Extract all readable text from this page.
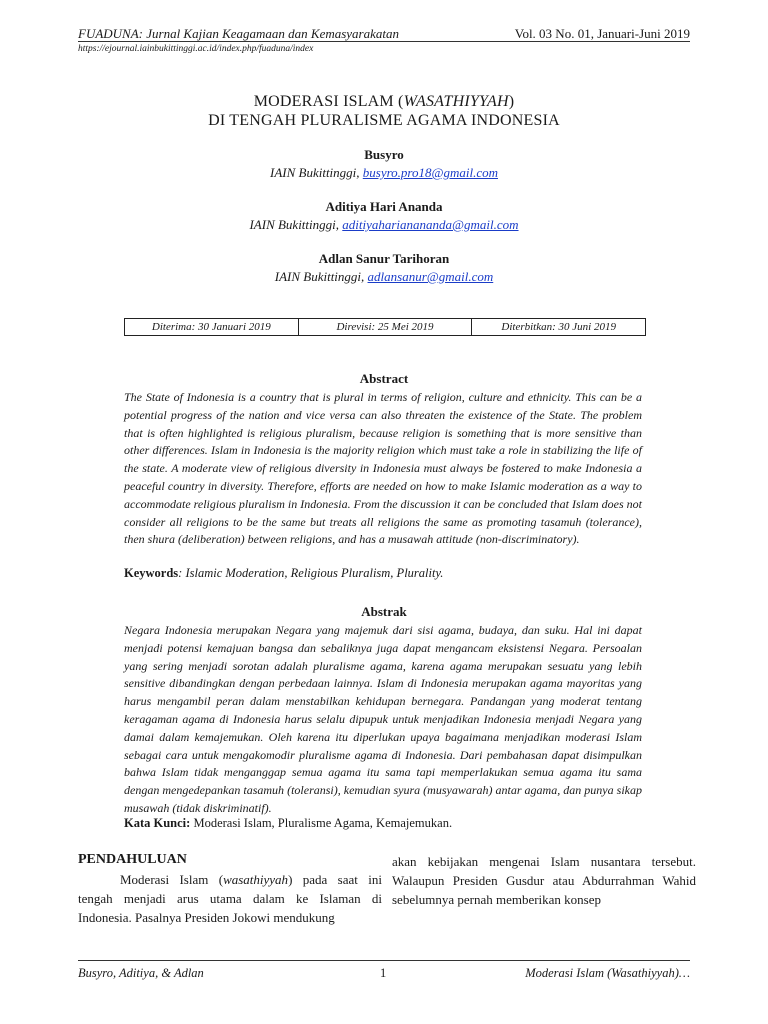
FUADUNA: Jurnal Kajian Keagamaan dan Kemasyarakatan	Vol. 03 No. 01, Januari-Juni 2019
https://ejournal.iainbukittinggi.ac.id/index.php/fuaduna/index
MODERASI ISLAM (WASATHIYYAH)
DI TENGAH PLURALISME AGAMA INDONESIA
Busyro
IAIN Bukittinggi, busyro.pro18@gmail.com
Aditiya Hari Ananda
IAIN Bukittinggi, aditiyaharianananda@gmail.com
Adlan Sanur Tarihoran
IAIN Bukittinggi, adlansanur@gmail.com
Diterima: 30 Januari 2019	Direvisi: 25 Mei 2019	Diterbitkan: 30 Juni 2019
Abstract
The State of Indonesia is a country that is plural in terms of religion, culture and ethnicity. This can be a potential progress of the nation and vice versa can also threaten the existence of the State. The problem that is often highlighted is religious pluralism, because religion is something that is more sensitive than other differences. Islam in Indonesia is the majority religion which must take a role in stabilizing the life of the state. A moderate view of religious diversity in Indonesia must always be fostered to make Indonesia a peaceful country in diversity. Therefore, efforts are needed on how to make Islamic moderation as a way to accommodate religious pluralism in Indonesia. From the discussion it can be concluded that Islam does not consider all religions to be the same but treats all religions the same as promoting tasamuh (tolerance), then shura (deliberation) between religions, and has a musawah attitude (non-discriminatory).
Keywords: Islamic Moderation, Religious Pluralism, Plurality.
Abstrak
Negara Indonesia merupakan Negara yang majemuk dari sisi agama, budaya, dan suku. Hal ini dapat menjadi potensi kemajuan bangsa dan sebaliknya juga dapat mengancam eksistensi Negara. Persoalan yang sering menjadi sorotan adalah pluralisme agama, karena agama merupakan sesuatu yang lebih sensitive dibandingkan dengan perbedaan lainnya. Islam di Indonesia merupakan agama mayoritas yang harus mengambil peran dalam menstabilkan kehidupan bernegara. Pandangan yang moderat tentang keragaman agama di Indonesia harus selalu dipupuk untuk menjadikan Indonesia menjadi Negara yang damai dalam kemajemukan. Oleh karena itu diperlukan upaya bagaimana menjadikan moderasi Islam sebagai cara untuk mengakomodir pluralisme agama di Indonesia. Dari pembahasan dapat disimpulkan bahwa Islam tidak menganggap semua agama itu sama tapi memperlakukan semua agama itu sama dengan mengedepankan tasamuh (toleransi), kemudian syura (musyawarah) antar agama, dan punya sikap musawah (tidak diskriminatif).
Kata Kunci: Moderasi Islam, Pluralisme Agama, Kemajemukan.
PENDAHULUAN
Moderasi Islam (wasathiyyah) pada saat ini tengah menjadi arus utama dalam ke Islaman di Indonesia. Pasalnya Presiden Jokowi mendukung
akan kebijakan mengenai Islam nusantara tersebut. Walaupun Presiden Gusdur atau Abdurrahman Wahid sebelumnya pernah memberikan konsep
Busyro, Aditiya, & Adlan	1	Moderasi Islam (Wasathiyyah)…
